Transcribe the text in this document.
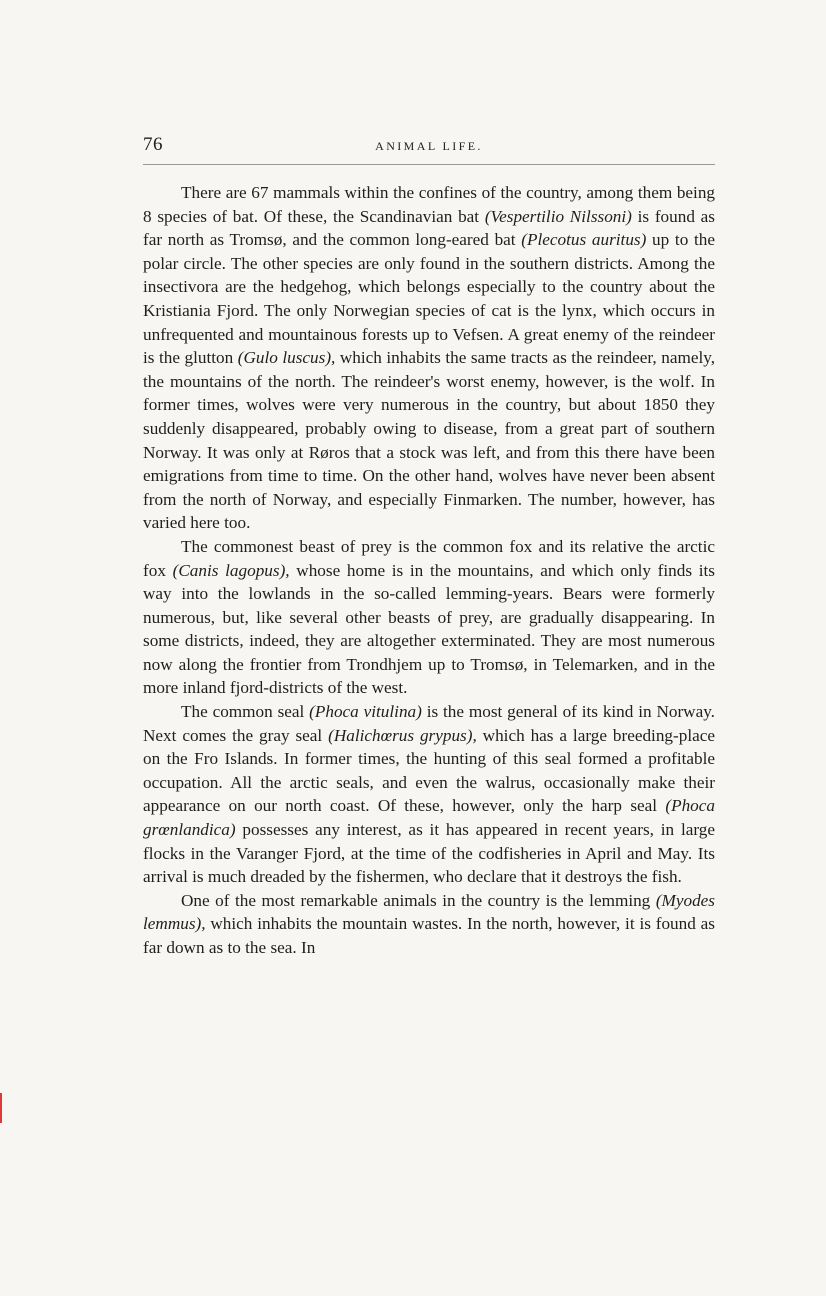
76	ANIMAL LIFE.

There are 67 mammals within the confines of the country, among them being 8 species of bat. Of these, the Scandinavian bat (Vespertilio Nilssoni) is found as far north as Tromsø, and the common long-eared bat (Plecotus auritus) up to the polar circle. The other species are only found in the southern districts. Among the insectivora are the hedgehog, which belongs especially to the country about the Kristiania Fjord. The only Norwegian species of cat is the lynx, which occurs in unfrequented and mountainous forests up to Vefsen. A great enemy of the reindeer is the glutton (Gulo luscus), which inhabits the same tracts as the reindeer, namely, the mountains of the north. The reindeer's worst enemy, however, is the wolf. In former times, wolves were very numerous in the country, but about 1850 they suddenly disappeared, probably owing to disease, from a great part of southern Norway. It was only at Røros that a stock was left, and from this there have been emigrations from time to time. On the other hand, wolves have never been absent from the north of Norway, and especially Finmarken. The number, however, has varied here too.

The commonest beast of prey is the common fox and its relative the arctic fox (Canis lagopus), whose home is in the mountains, and which only finds its way into the lowlands in the so-called lemming-years. Bears were formerly numerous, but, like several other beasts of prey, are gradually disappearing. In some districts, indeed, they are altogether exterminated. They are most numerous now along the frontier from Trondhjem up to Tromsø, in Telemarken, and in the more inland fjord-districts of the west.

The common seal (Phoca vitulina) is the most general of its kind in Norway. Next comes the gray seal (Halichœrus grypus), which has a large breeding-place on the Fro Islands. In former times, the hunting of this seal formed a profitable occupation. All the arctic seals, and even the walrus, occasionally make their appearance on our north coast. Of these, however, only the harp seal (Phoca grœnlandica) possesses any interest, as it has appeared in recent years, in large flocks in the Varanger Fjord, at the time of the codfisheries in April and May. Its arrival is much dreaded by the fishermen, who declare that it destroys the fish.

One of the most remarkable animals in the country is the lemming (Myodes lemmus), which inhabits the mountain wastes. In the north, however, it is found as far down as to the sea. In
